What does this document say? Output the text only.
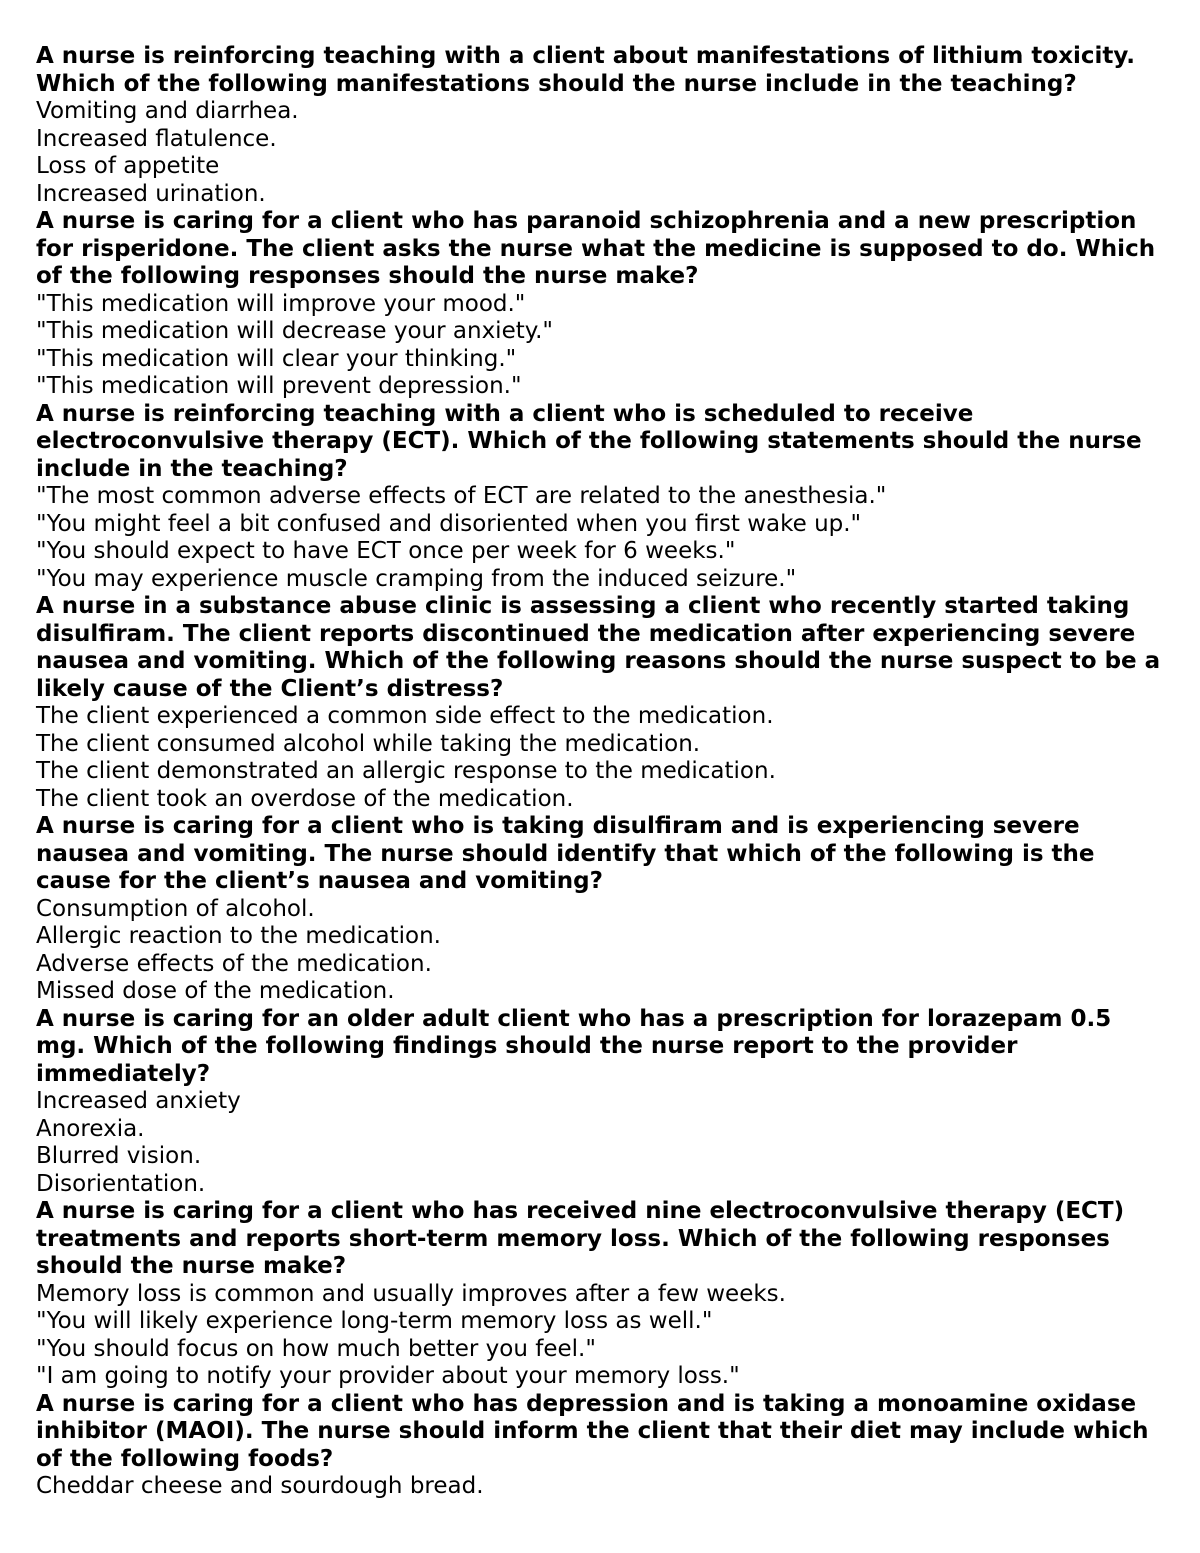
A nurse is reinforcing teaching with a client about manifestations of lithium toxicity. Which of the following manifestations should the nurse include in the teaching?

Vomiting and diarrhea.

Increased flatulence.

Loss of appetite

Increased urination.

A nurse is caring for a client who has paranoid schizophrenia and a new prescription for risperidone. The client asks the nurse what the medicine is supposed to do. Which of the following responses should the nurse make?

"This medication will improve your mood."

"This medication will decrease your anxiety."

"This medication will clear your thinking."

"This medication will prevent depression."

A nurse is reinforcing teaching with a client who is scheduled to receive electroconvulsive therapy (ECT). Which of the following statements should the nurse include in the teaching?

"The most common adverse effects of ECT are related to the anesthesia."

"You might feel a bit confused and disoriented when you first wake up."

"You should expect to have ECT once per week for 6 weeks."

"You may experience muscle cramping from the induced seizure."

A nurse in a substance abuse clinic is assessing a client who recently started taking disulfiram. The client reports discontinued the medication after experiencing severe nausea and vomiting. Which of the following reasons should the nurse suspect to be a likely cause of the Client’s distress?

The client experienced a common side effect to the medication.

The client consumed alcohol while taking the medication.

The client demonstrated an allergic response to the medication.

The client took an overdose of the medication.

A nurse is caring for a client who is taking disulfiram and is experiencing severe nausea and vomiting. The nurse should identify that which of the following is the cause for the client’s nausea and vomiting?

Consumption of alcohol.

Allergic reaction to the medication.

Adverse effects of the medication.

Missed dose of the medication.

A nurse is caring for an older adult client who has a prescription for lorazepam 0.5 mg. Which of the following findings should the nurse report to the provider immediately?

Increased anxiety

Anorexia.

Blurred vision.

Disorientation.

A nurse is caring for a client who has received nine electroconvulsive therapy (ECT) treatments and reports short-term memory loss. Which of the following responses should the nurse make?

Memory loss is common and usually improves after a few weeks.

"You will likely experience long-term memory loss as well."

"You should focus on how much better you feel."

"I am going to notify your provider about your memory loss."

A nurse is caring for a client who has depression and is taking a monoamine oxidase inhibitor (MAOI). The nurse should inform the client that their diet may include which of the following foods?

Cheddar cheese and sourdough bread.
